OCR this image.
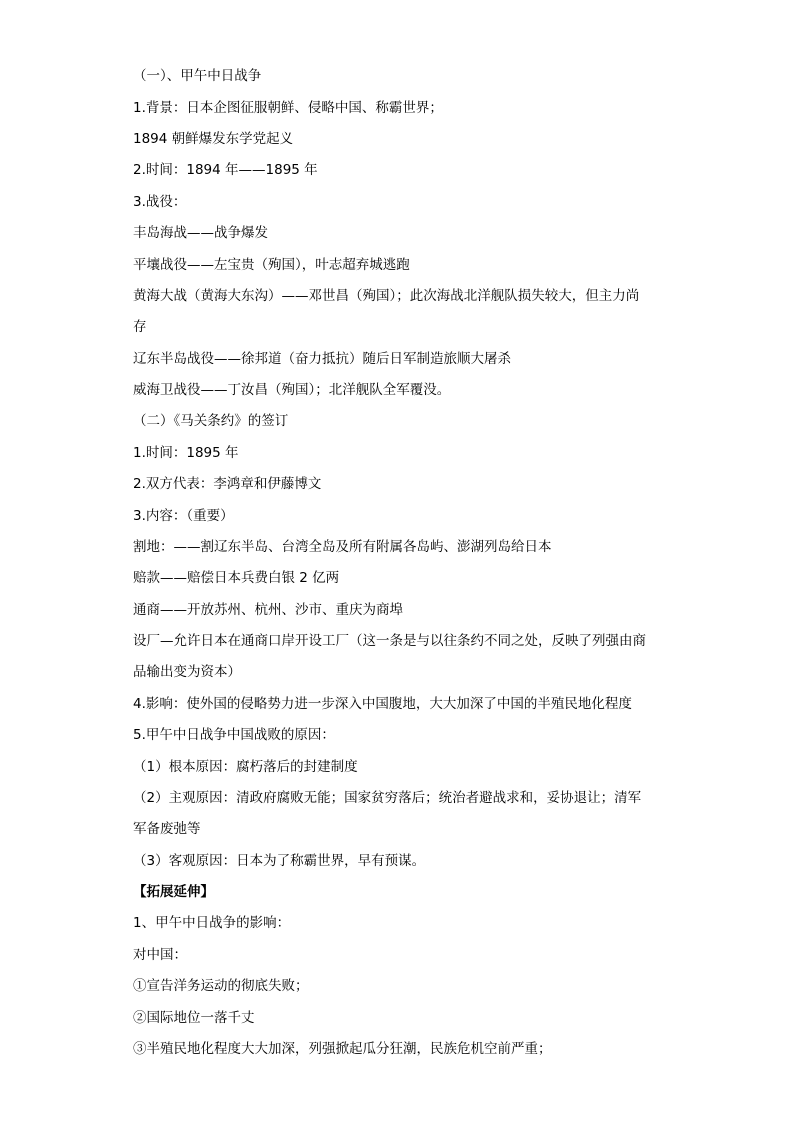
（一）、甲午中日战争
1.背景：日本企图征服朝鲜、侵略中国、称霸世界；
1894 朝鲜爆发东学党起义
2.时间：1894 年——1895 年
3.战役：
丰岛海战——战争爆发
平壤战役——左宝贵（殉国），叶志超弃城逃跑
黄海大战（黄海大东沟）——邓世昌（殉国）；此次海战北洋舰队损失较大，但主力尚
存
辽东半岛战役——徐邦道（奋力抵抗）随后日军制造旅顺大屠杀
威海卫战役——丁汝昌（殉国）；北洋舰队全军覆没。
（二）《马关条约》的签订
1.时间：1895 年
2.双方代表：李鸿章和伊藤博文
3.内容：（重要）
割地：——割辽东半岛、台湾全岛及所有附属各岛屿、澎湖列岛给日本
赔款——赔偿日本兵费白银 2 亿两
通商——开放苏州、杭州、沙市、重庆为商埠
设厂—允许日本在通商口岸开设工厂（这一条是与以往条约不同之处，反映了列强由商
品输出变为资本）
4.影响：使外国的侵略势力进一步深入中国腹地，大大加深了中国的半殖民地化程度
5.甲午中日战争中国战败的原因：
（1）根本原因：腐朽落后的封建制度
（2）主观原因：清政府腐败无能；国家贫穷落后；统治者避战求和，妥协退让；清军
军备废弛等
（3）客观原因：日本为了称霸世界，早有预谋。
【拓展延伸】
1、甲午中日战争的影响：
对中国：
①宣告洋务运动的彻底失败；
②国际地位一落千丈
③半殖民地化程度大大加深，列强掀起瓜分狂潮，民族危机空前严重；
